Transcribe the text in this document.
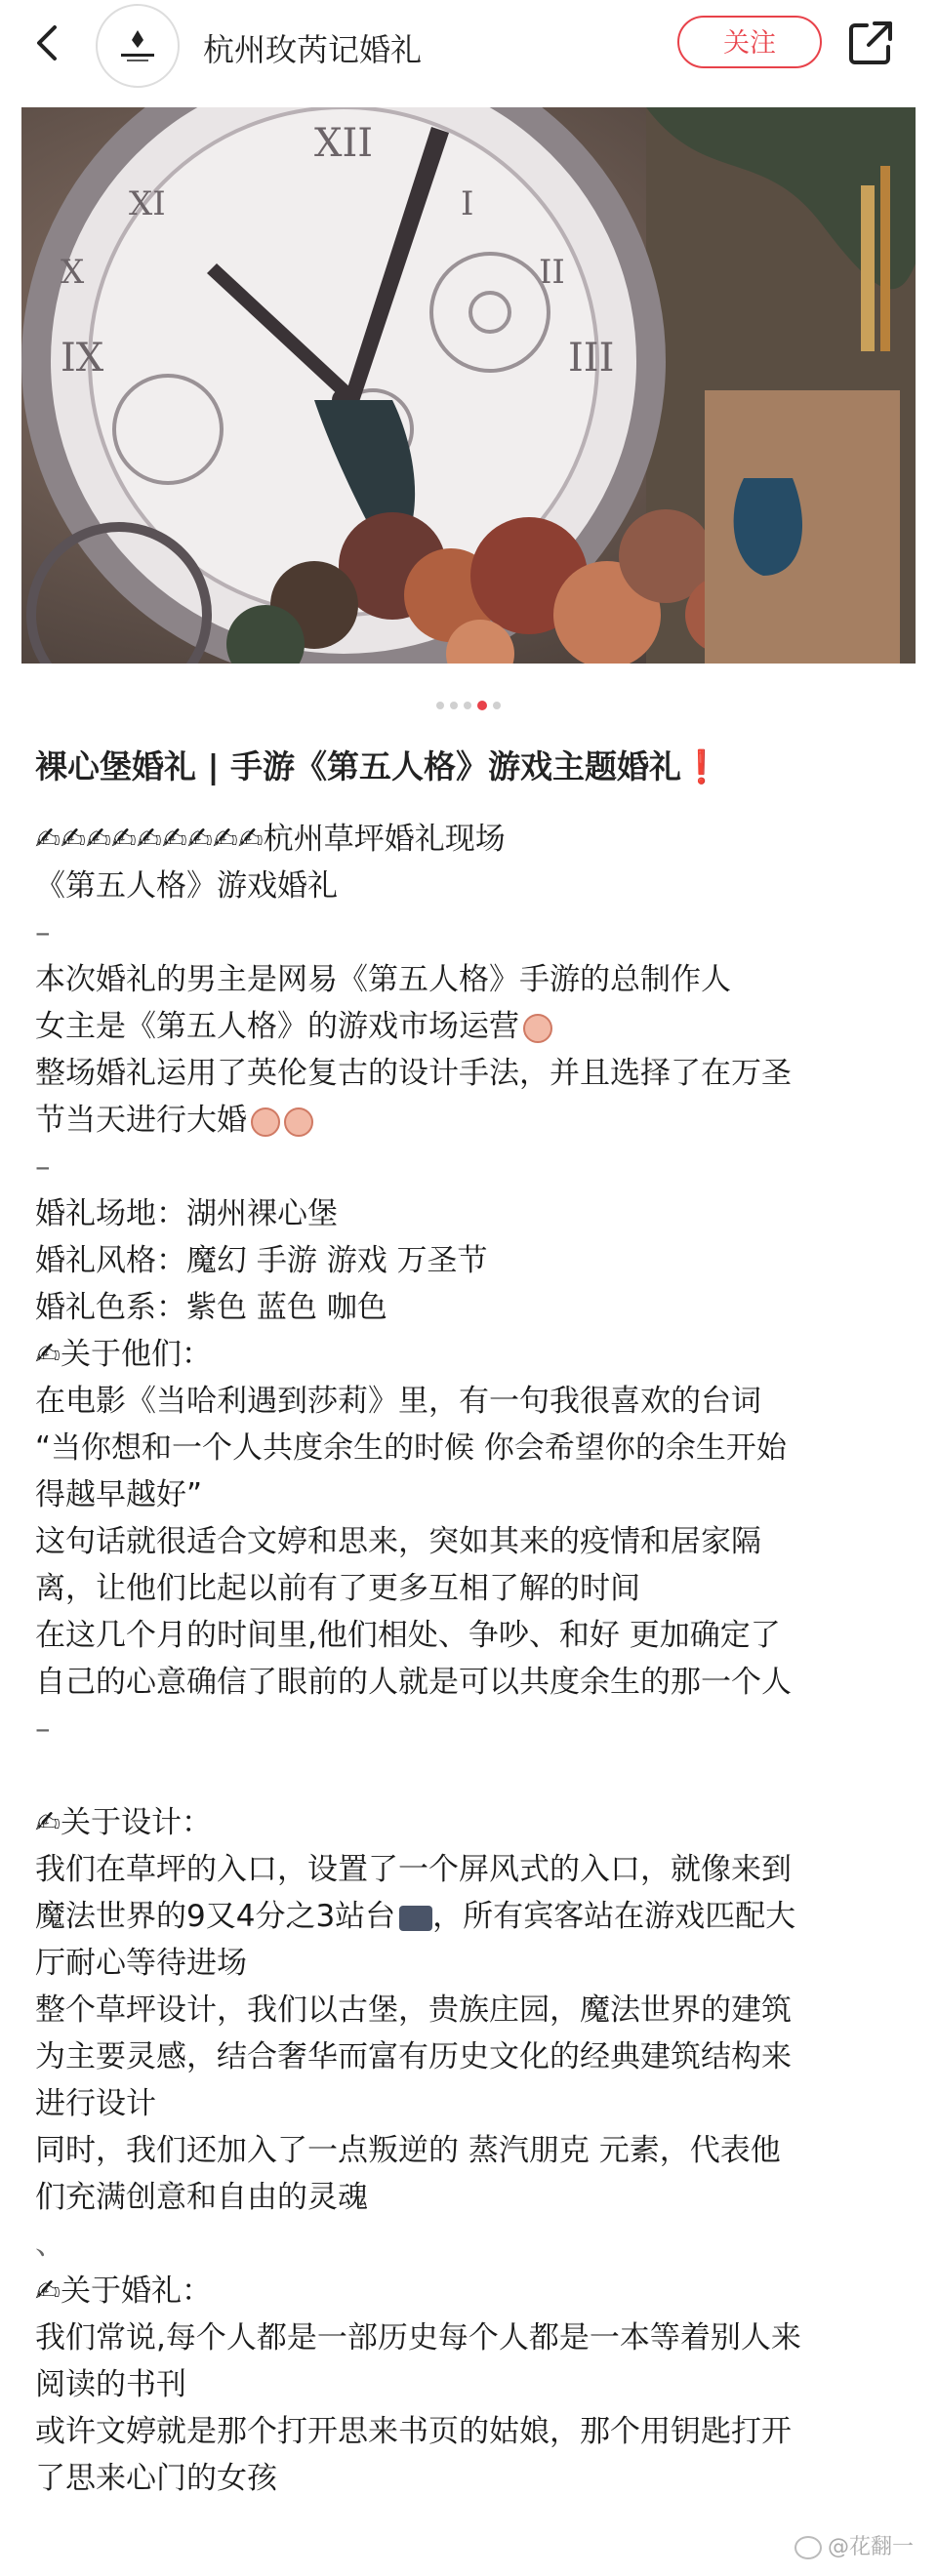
杭州玫芮记婚礼	关注
XII
III
IX
I
II
XI
X
裸心堡婚礼 | 手游《第五人格》游戏主题婚礼❗
✍✍✍✍✍✍✍✍✍杭州草坪婚礼现场
《第五人格》游戏婚礼
–
本次婚礼的男主是网易《第五人格》手游的总制作人
女主是《第五人格》的游戏市场运营
整场婚礼运用了英伦复古的设计手法，并且选择了在万圣
节当天进行大婚
–
婚礼场地：湖州裸心堡
婚礼风格：魔幻 手游 游戏 万圣节
婚礼色系：紫色 蓝色 咖色
✍关于他们：
在电影《当哈利遇到莎莉》里，有一句我很喜欢的台词
“当你想和一个人共度余生的时候 你会希望你的余生开始
得越早越好”
这句话就很适合文婷和思来，突如其来的疫情和居家隔
离，让他们比起以前有了更多互相了解的时间
在这几个月的时间里,他们相处、争吵、和好 更加确定了
自己的心意确信了眼前的人就是可以共度余生的那一个人
–
✍关于设计：
我们在草坪的入口，设置了一个屏风式的入口，就像来到
魔法世界的9又4分之3站台 ，所有宾客站在游戏匹配大
厅耐心等待进场
整个草坪设计，我们以古堡，贵族庄园，魔法世界的建筑
为主要灵感，结合奢华而富有历史文化的经典建筑结构来
进行设计
同时，我们还加入了一点叛逆的 蒸汽朋克 元素，代表他
们充满创意和自由的灵魂
、
✍关于婚礼：
我们常说,每个人都是一部历史每个人都是一本等着别人来
阅读的书刊
或许文婷就是那个打开思来书页的姑娘，那个用钥匙打开
了思来心门的女孩
@花翻一
